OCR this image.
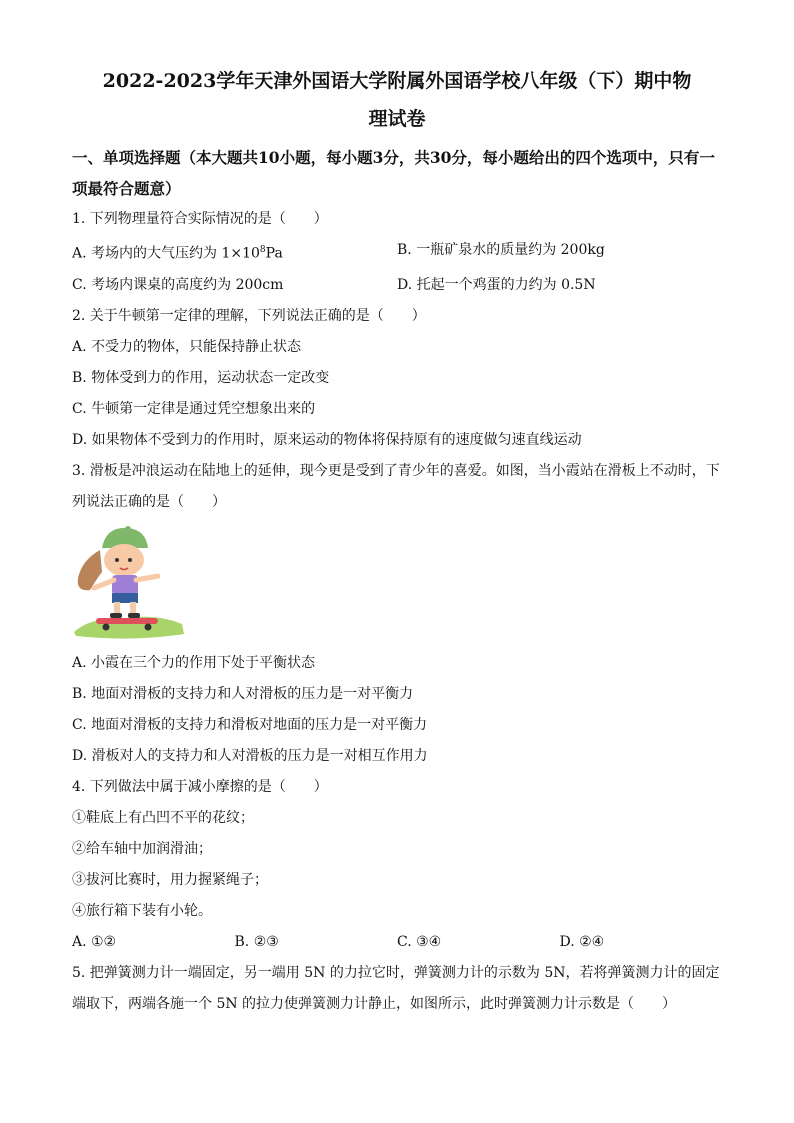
2022-2023学年天津外国语大学附属外国语学校八年级（下）期中物
理试卷
一、单项选择题（本大题共10小题，每小题3分，共30分，每小题给出的四个选项中，只有一项最符合题意）
1. 下列物理量符合实际情况的是（　　）
A. 考场内的大气压约为 $1\times 10^8Pa$	B. 一瓶矿泉水的质量约为 200kg
C. 考场内课桌的高度约为 200cm	D. 托起一个鸡蛋的力约为 0.5N
2. 关于牛顿第一定律的理解，下列说法正确的是（　　）
A. 不受力的物体，只能保持静止状态
B. 物体受到力的作用，运动状态一定改变
C. 牛顿第一定律是通过凭空想象出来的
D. 如果物体不受到力的作用时，原来运动的物体将保持原有的速度做匀速直线运动
3. 滑板是冲浪运动在陆地上的延伸，现今更是受到了青少年的喜爱。如图，当小霞站在滑板上不动时，下列说法正确的是（　　）
A. 小霞在三个力的作用下处于平衡状态
B. 地面对滑板的支持力和人对滑板的压力是一对平衡力
C. 地面对滑板的支持力和滑板对地面的压力是一对平衡力
D. 滑板对人的支持力和人对滑板的压力是一对相互作用力
4. 下列做法中属于减小摩擦的是（　　）
①鞋底上有凸凹不平的花纹；
②给车轴中加润滑油；
③拔河比赛时，用力握紧绳子；
④旅行箱下装有小轮。
A. ①②	B. ②③	C. ③④	D. ②④
5. 把弹簧测力计一端固定，另一端用 5N 的力拉它时，弹簧测力计的示数为 5N，若将弹簧测力计的固定端取下，两端各施一个 5N 的拉力使弹簧测力计静止，如图所示，此时弹簧测力计示数是（　　）
